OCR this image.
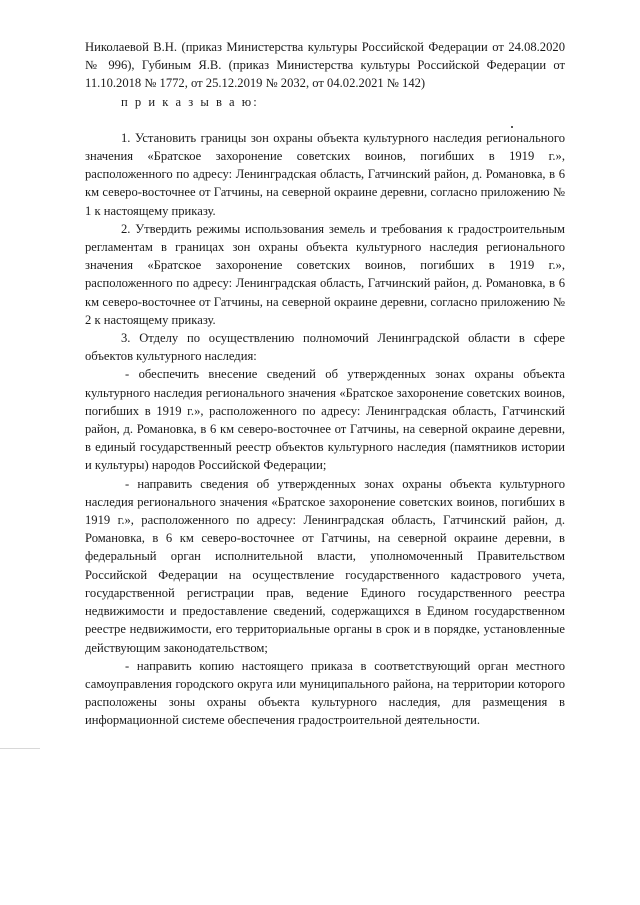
Николаевой В.Н. (приказ Министерства культуры Российской Федерации от 24.08.2020 № 996), Губиным Я.В. (приказ Министерства культуры Российской Федерации от 11.10.2018 № 1772, от 25.12.2019 № 2032, от 04.02.2021 № 142)

п р и к а з ы в а ю:

1. Установить границы зон охраны объекта культурного наследия регионального значения «Братское захоронение советских воинов, погибших в 1919 г.», расположенного по адресу: Ленинградская область, Гатчинский район, д. Романовка, в 6 км северо-восточнее от Гатчины, на северной окраине деревни, согласно приложению № 1 к настоящему приказу.

2. Утвердить режимы использования земель и требования к градостроительным регламентам в границах зон охраны объекта культурного наследия регионального значения «Братское захоронение советских воинов, погибших в 1919 г.», расположенного по адресу: Ленинградская область, Гатчинский район, д. Романовка, в 6 км северо-восточнее от Гатчины, на северной окраине деревни, согласно приложению № 2 к настоящему приказу.

3. Отделу по осуществлению полномочий Ленинградской области в сфере объектов культурного наследия:

- обеспечить внесение сведений об утвержденных зонах охраны объекта культурного наследия регионального значения «Братское захоронение советских воинов, погибших в 1919 г.», расположенного по адресу: Ленинградская область, Гатчинский район, д. Романовка, в 6 км северо-восточнее от Гатчины, на северной окраине деревни, в единый государственный реестр объектов культурного наследия (памятников истории и культуры) народов Российской Федерации;

- направить сведения об утвержденных зонах охраны объекта культурного наследия регионального значения «Братское захоронение советских воинов, погибших в 1919 г.», расположенного по адресу: Ленинградская область, Гатчинский район, д. Романовка, в 6 км северо-восточнее от Гатчины, на северной окраине деревни, в федеральный орган исполнительной власти, уполномоченный Правительством Российской Федерации на осуществление государственного кадастрового учета, государственной регистрации прав, ведение Единого государственного реестра недвижимости и предоставление сведений, содержащихся в Едином государственном реестре недвижимости, его территориальные органы в срок и в порядке, установленные действующим законодательством;

- направить копию настоящего приказа в соответствующий орган местного самоуправления городского округа или муниципального района, на территории которого расположены зоны охраны объекта культурного наследия, для размещения в информационной системе обеспечения градостроительной деятельности.
